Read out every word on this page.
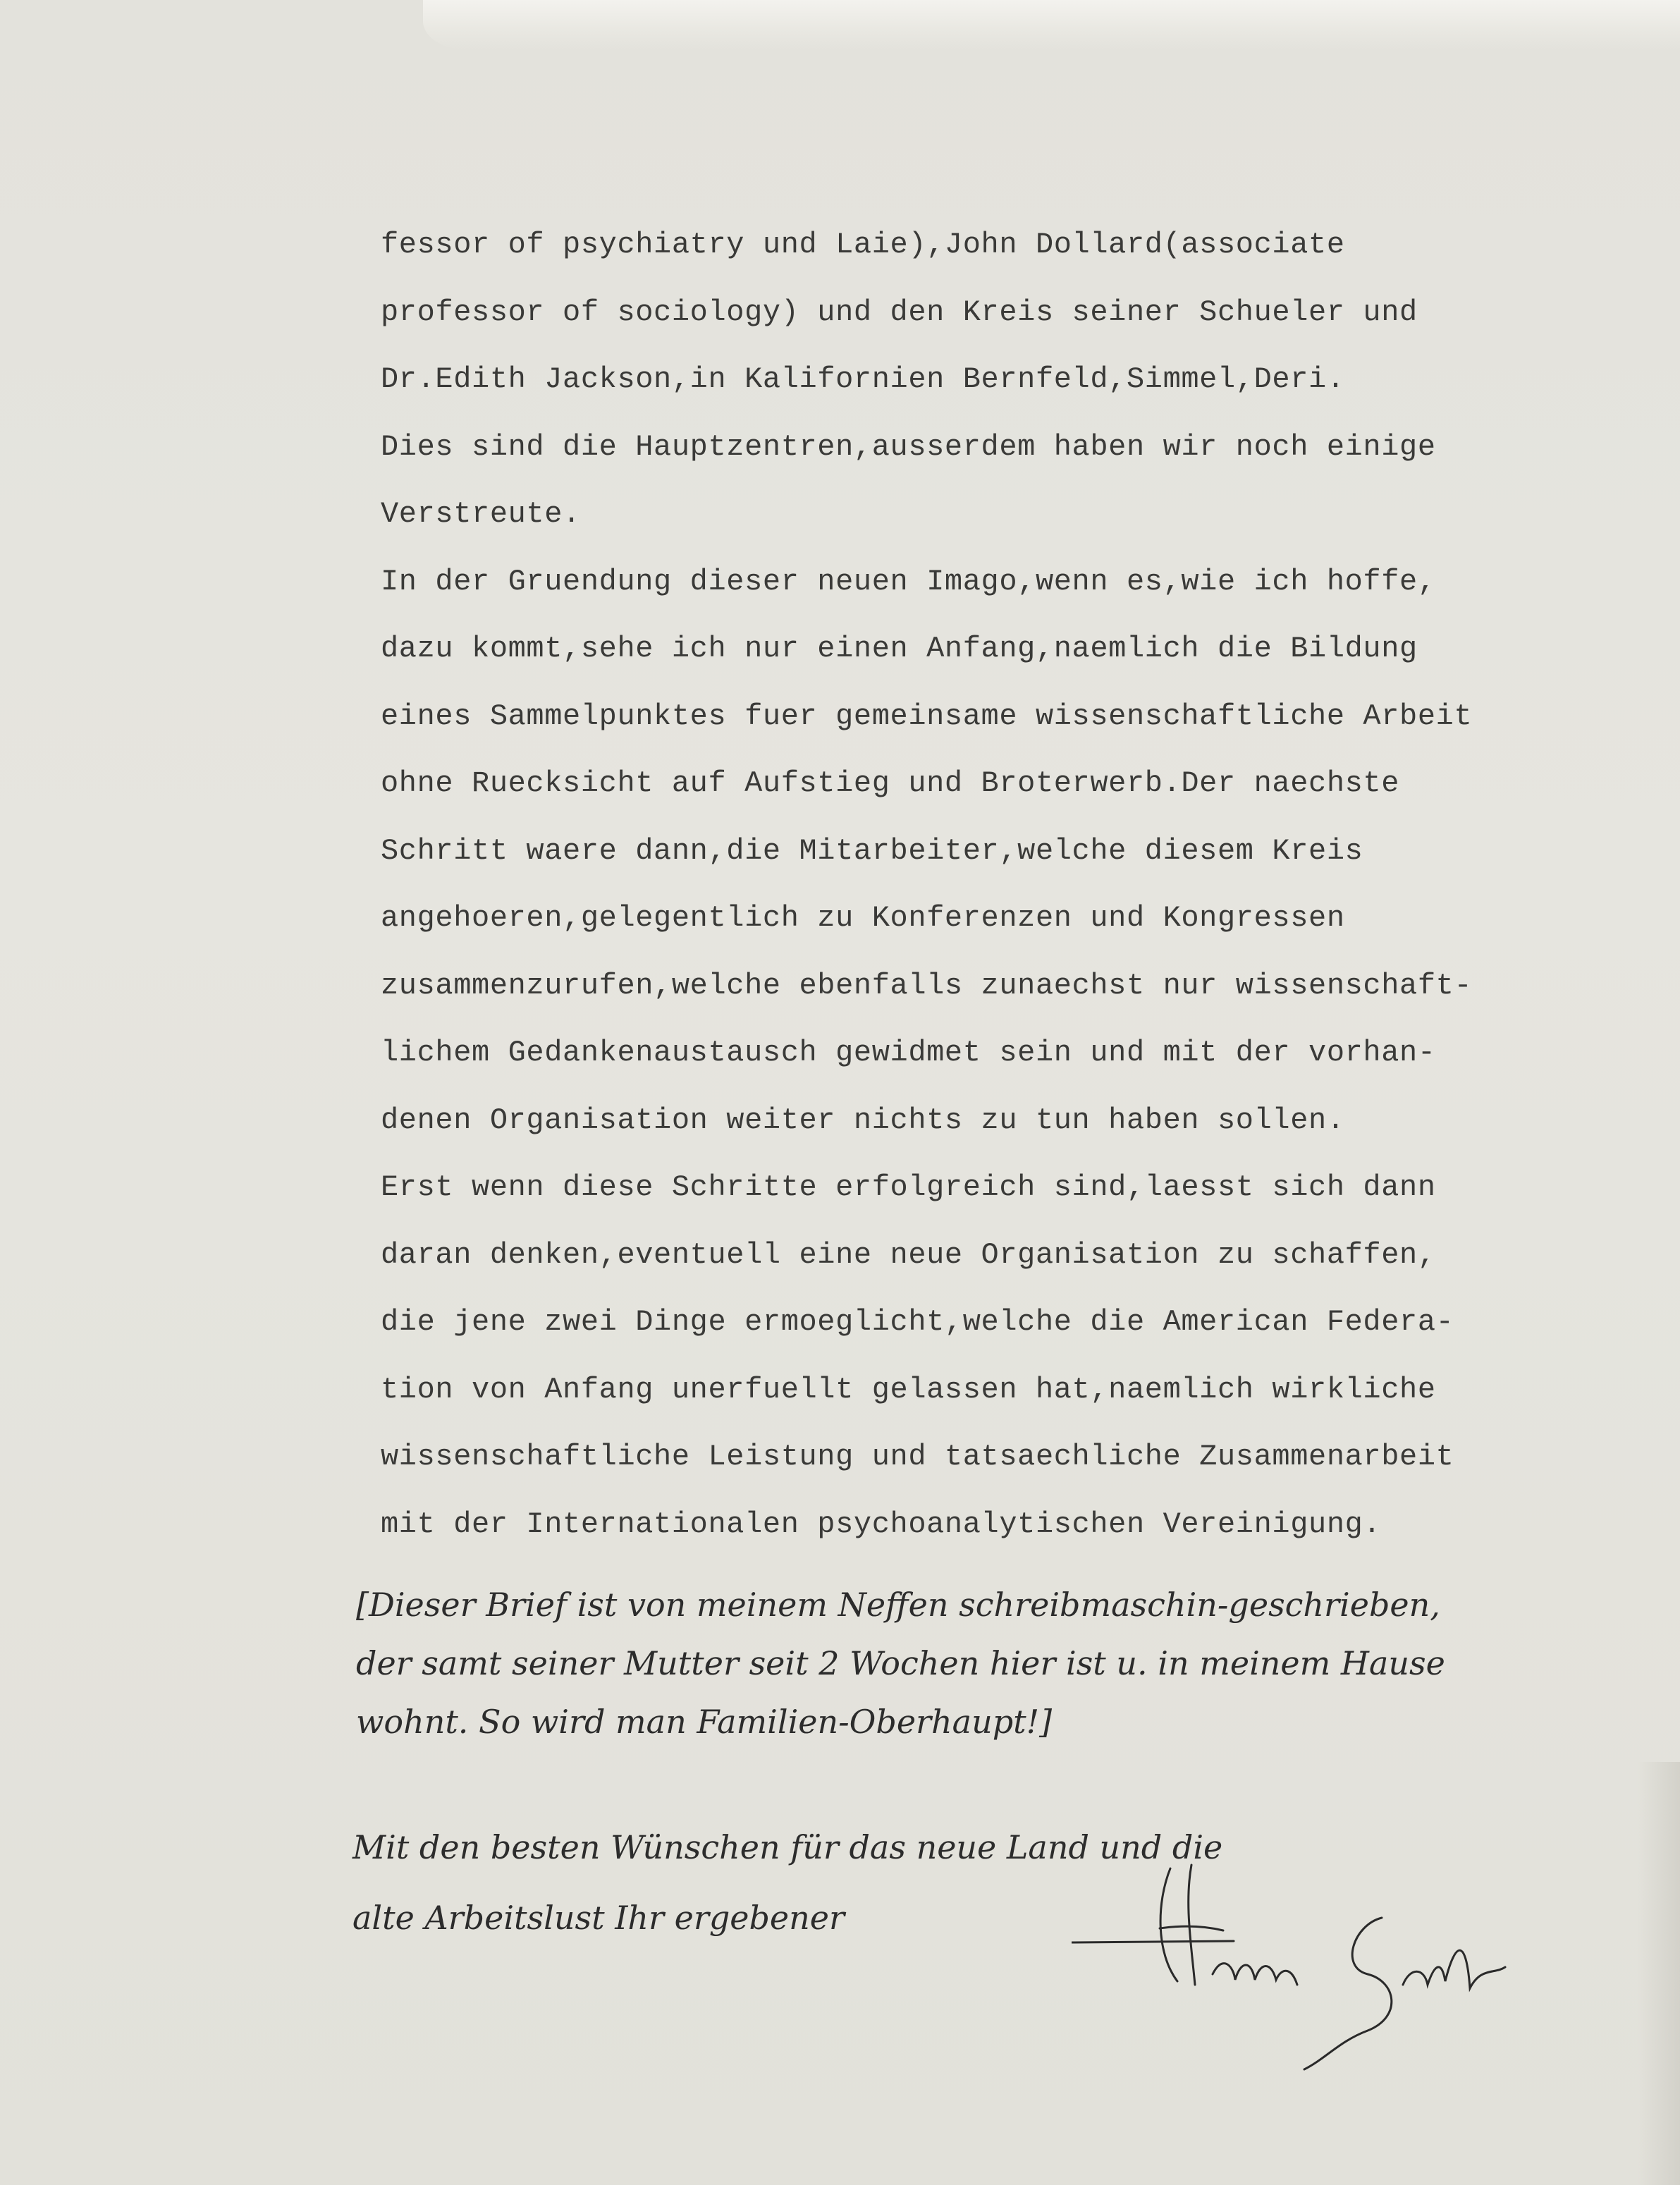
fessor of psychiatry und Laie),John Dollard(associate
professor of sociology) und den Kreis seiner Schueler und
Dr.Edith Jackson,in Kalifornien Bernfeld,Simmel,Deri.
Dies sind die Hauptzentren,ausserdem haben wir noch einige
Verstreute.
In der Gruendung dieser neuen Imago,wenn es,wie ich hoffe,
dazu kommt,sehe ich nur einen Anfang,naemlich die Bildung
eines Sammelpunktes fuer gemeinsame wissenschaftliche Arbeit
ohne Ruecksicht auf Aufstieg und Broterwerb.Der naechste
Schritt waere dann,die Mitarbeiter,welche diesem Kreis
angehoeren,gelegentlich zu Konferenzen und Kongressen
zusammenzurufen,welche ebenfalls zunaechst nur wissenschaft-
lichem Gedankenaustausch gewidmet sein und mit der vorhan-
denen Organisation weiter nichts zu tun haben sollen.
Erst wenn diese Schritte erfolgreich sind,laesst sich dann
daran denken,eventuell eine neue Organisation zu schaffen,
die jene zwei Dinge ermoeglicht,welche die American Federa-
tion von Anfang unerfuellt gelassen hat,naemlich wirkliche
wissenschaftliche Leistung und tatsaechliche Zusammenarbeit
mit der Internationalen psychoanalytischen Vereinigung.
[Dieser Brief ist von meinem Neffen schreibmaschin-geschrieben,
der samt seiner Mutter seit 2 Wochen hier ist u. in meinem Hause
wohnt. So wird man Familien-Oberhaupt!]
Mit den besten Wünschen für das neue Land und die
alte Arbeitslust Ihr ergebener
